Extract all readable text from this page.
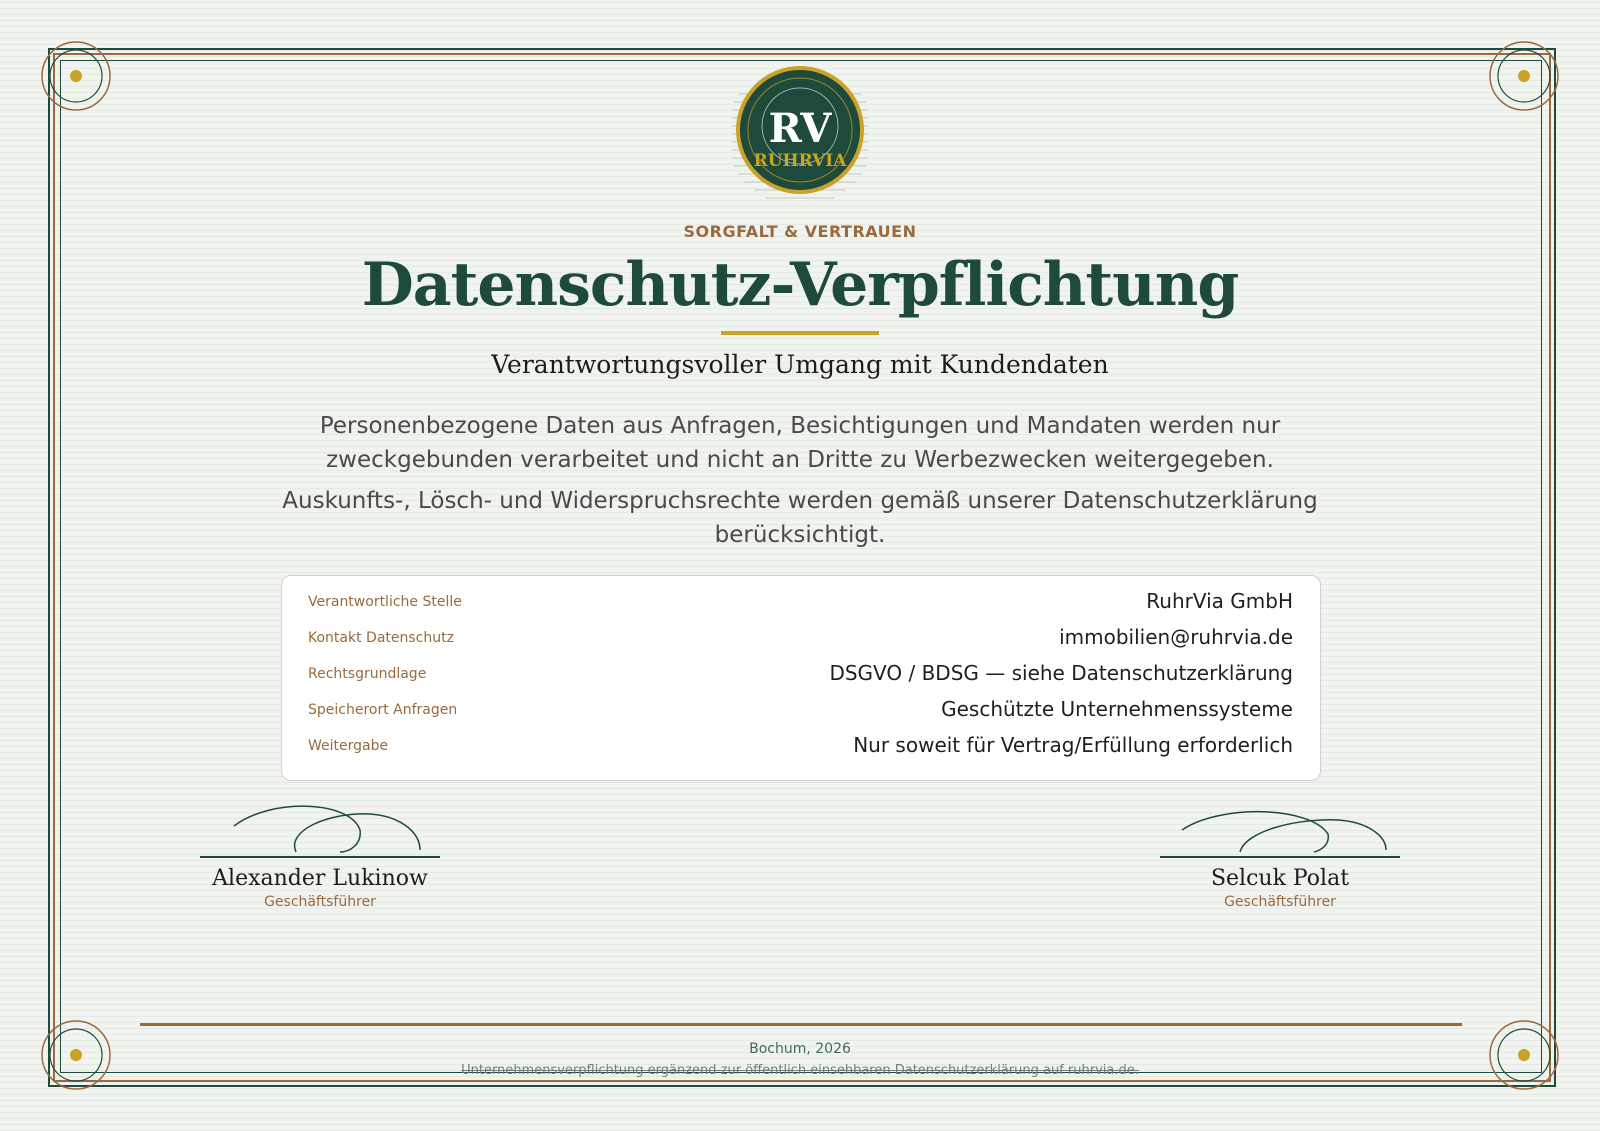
RV
RUHRVIA
SORGFALT & VERTRAUEN
Datenschutz-Verpflichtung
Verantwortungsvoller Umgang mit Kundendaten
Personenbezogene Daten aus Anfragen, Besichtigungen und Mandaten werden nur zweckgebunden verarbeitet und nicht an Dritte zu Werbezwecken weitergegeben.
Auskunfts-, Lösch- und Widerspruchsrechte werden gemäß unserer Datenschutzerklärung berücksichtigt.
Verantwortliche Stelle	RuhrVia GmbH
Kontakt Datenschutz	immobilien@ruhrvia.de
Rechtsgrundlage	DSGVO / BDSG — siehe Datenschutzerklärung
Speicherort Anfragen	Geschützte Unternehmenssysteme
Weitergabe	Nur soweit für Vertrag/Erfüllung erforderlich
Alexander Lukinow
Geschäftsführer
Selcuk Polat
Geschäftsführer
Bochum, 2026
Unternehmensverpflichtung ergänzend zur öffentlich einsehbaren Datenschutzerklärung auf ruhrvia.de.
